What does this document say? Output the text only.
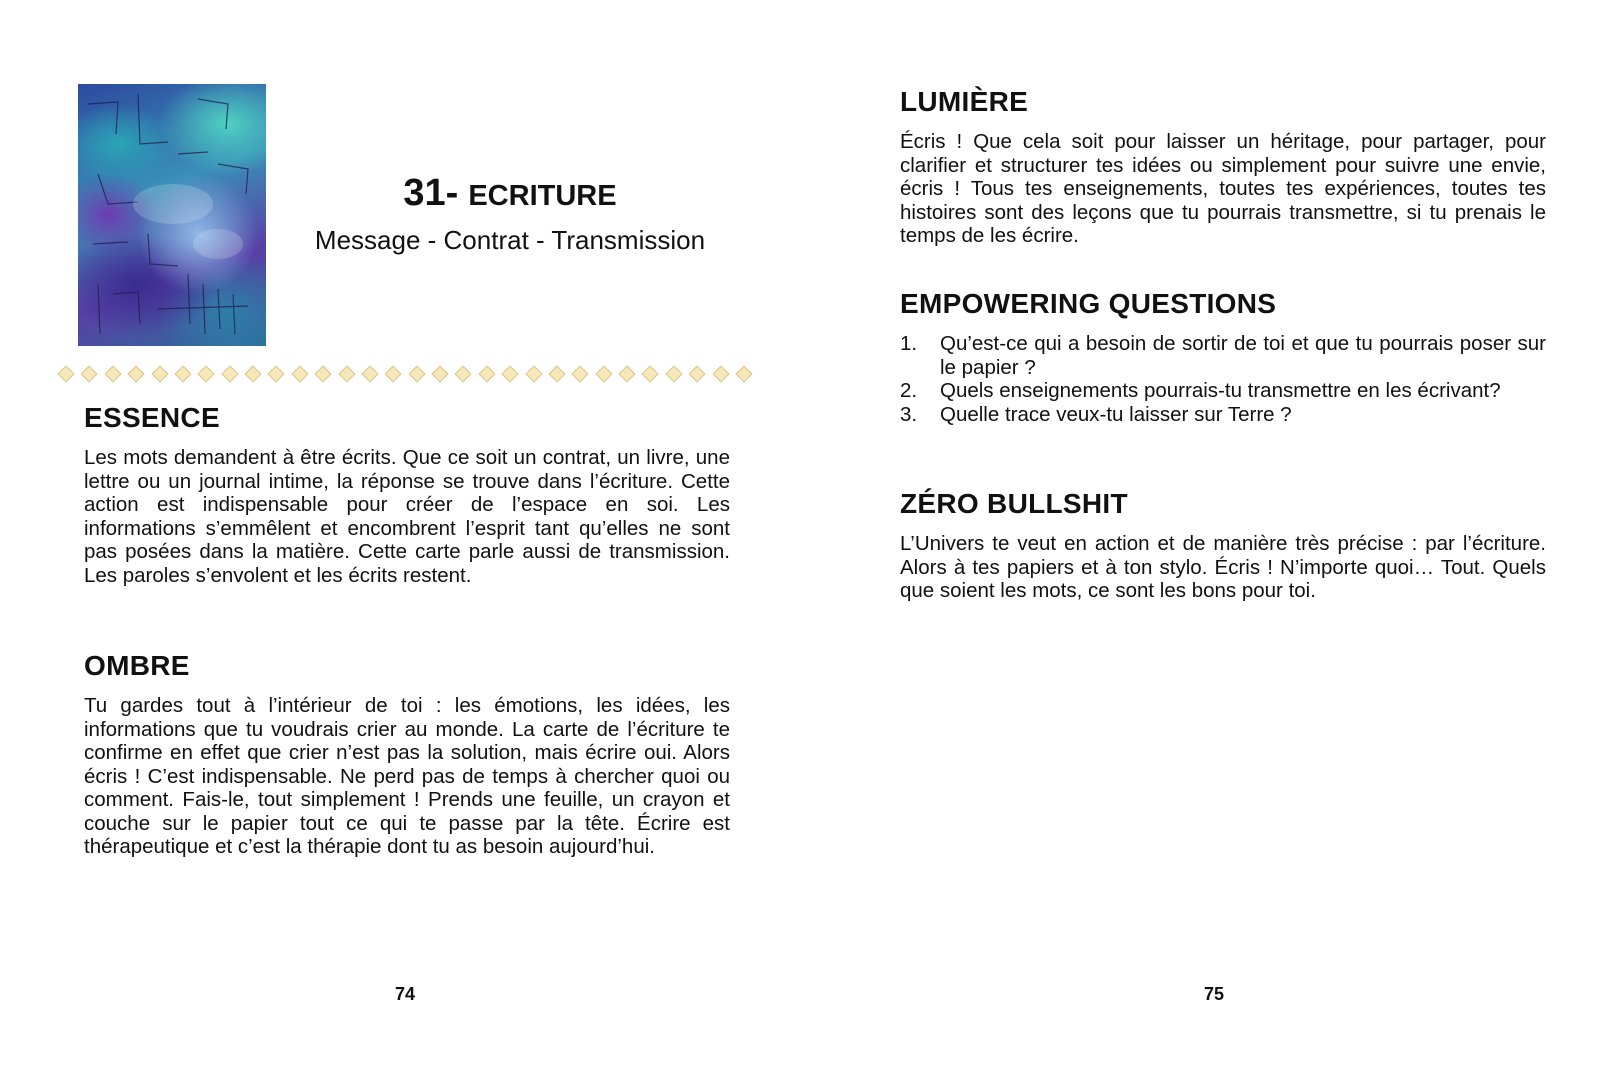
31- ECRITURE
Message - Contrat - Transmission
ESSENCE

Les mots demandent à être écrits. Que ce soit un contrat, un livre, une lettre ou un journal intime, la réponse se trouve dans l’écriture. Cette action est indispensable pour créer de l’espace en soi. Les informations s’emmêlent et encombrent l’esprit tant qu’elles ne sont pas posées dans la matière. Cette carte parle aussi de transmission. Les paroles s’envolent et les écrits restent.

OMBRE

Tu gardes tout à l’intérieur de toi : les émotions, les idées, les informations que tu voudrais crier au monde. La carte de l’écriture te confirme en effet que crier n’est pas la solution, mais écrire oui. Alors écris ! C’est indispensable. Ne perd pas de temps à chercher quoi ou comment. Fais-le, tout simplement ! Prends une feuille, un crayon et couche sur le papier tout ce qui te passe par la tête. Écrire est thérapeutique et c’est la thérapie dont tu as besoin aujourd’hui.

74
LUMIÈRE

Écris ! Que cela soit pour laisser un héritage, pour partager, pour clarifier et structurer tes idées ou simplement pour suivre une envie, écris ! Tous tes enseignements, toutes tes expériences, toutes tes histoires sont des leçons que tu pourrais transmettre, si tu prenais le temps de les écrire.

EMPOWERING QUESTIONS
1. Qu’est-ce qui a besoin de sortir de toi et que tu pourrais poser sur le papier ?
2. Quels enseignements pourrais-tu transmettre en les écrivant?
3. Quelle trace veux-tu laisser sur Terre ?
ZÉRO BULLSHIT

L’Univers te veut en action et de manière très précise : par l’écriture. Alors à tes papiers et à ton stylo. Écris ! N’importe quoi… Tout. Quels que soient les mots, ce sont les bons pour toi.

75
